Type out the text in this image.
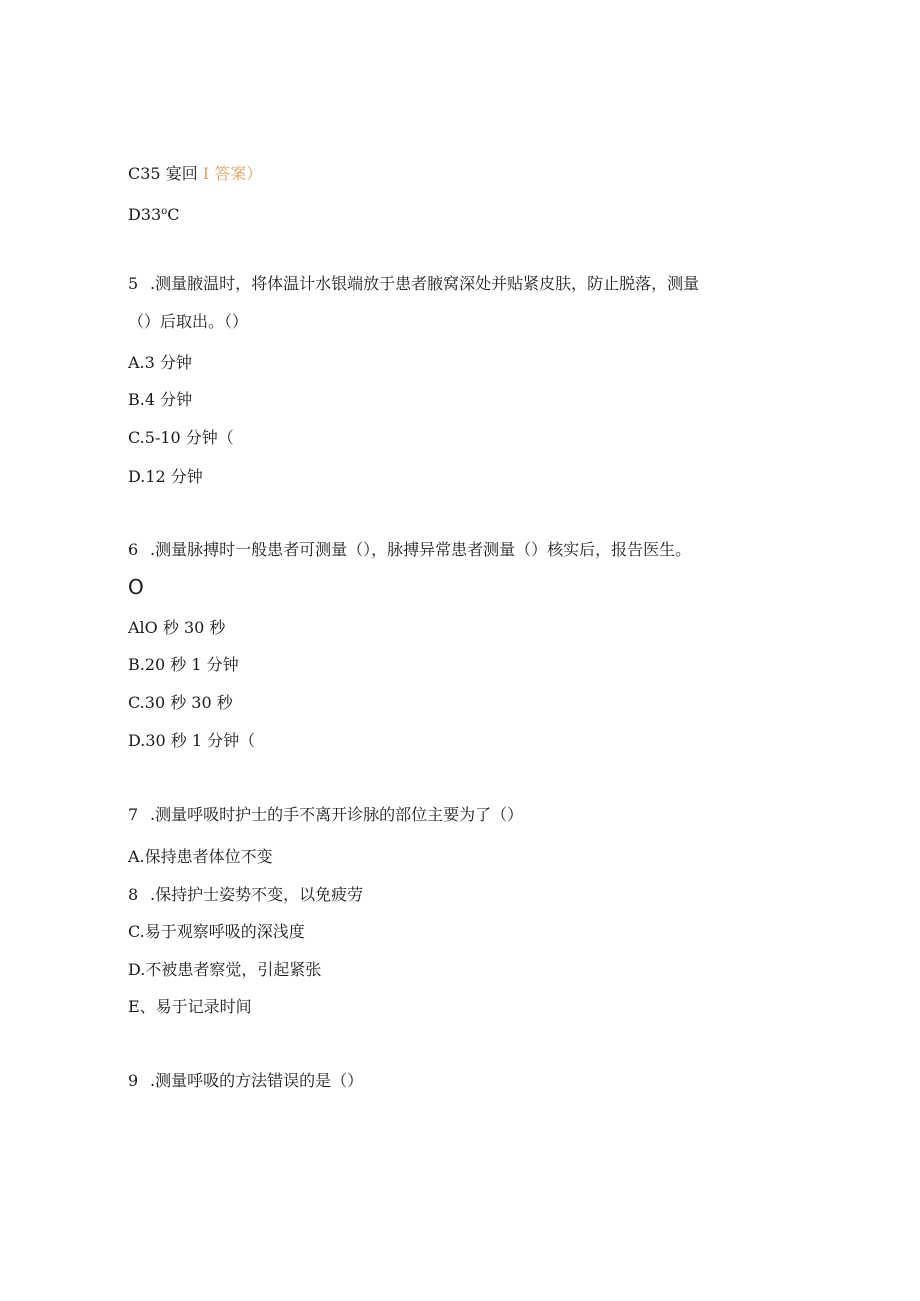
C35 宴回 I 答案）
D33$^o$C
5 .测量腋温时，将体温计水银端放于患者腋窝深处并贴紧皮肤，防止脱落，测量
（）后取出。（）
A.3 分钟
B.4 分钟
C.5-10 分钟（
D.12 分钟
6 .测量脉搏时一般患者可测量（），脉搏异常患者测量（）核实后，报告医生。
O
AlO 秒 30 秒
B.20 秒 1 分钟
C.30 秒 30 秒
D.30 秒 1 分钟（
7 .测量呼吸时护士的手不离开诊脉的部位主要为了（）
A.保持患者体位不变
8 .保持护士姿势不变，以免疲劳
C.易于观察呼吸的深浅度
D.不被患者察觉，引起紧张
E、易于记录时间
9 .测量呼吸的方法错误的是（）
